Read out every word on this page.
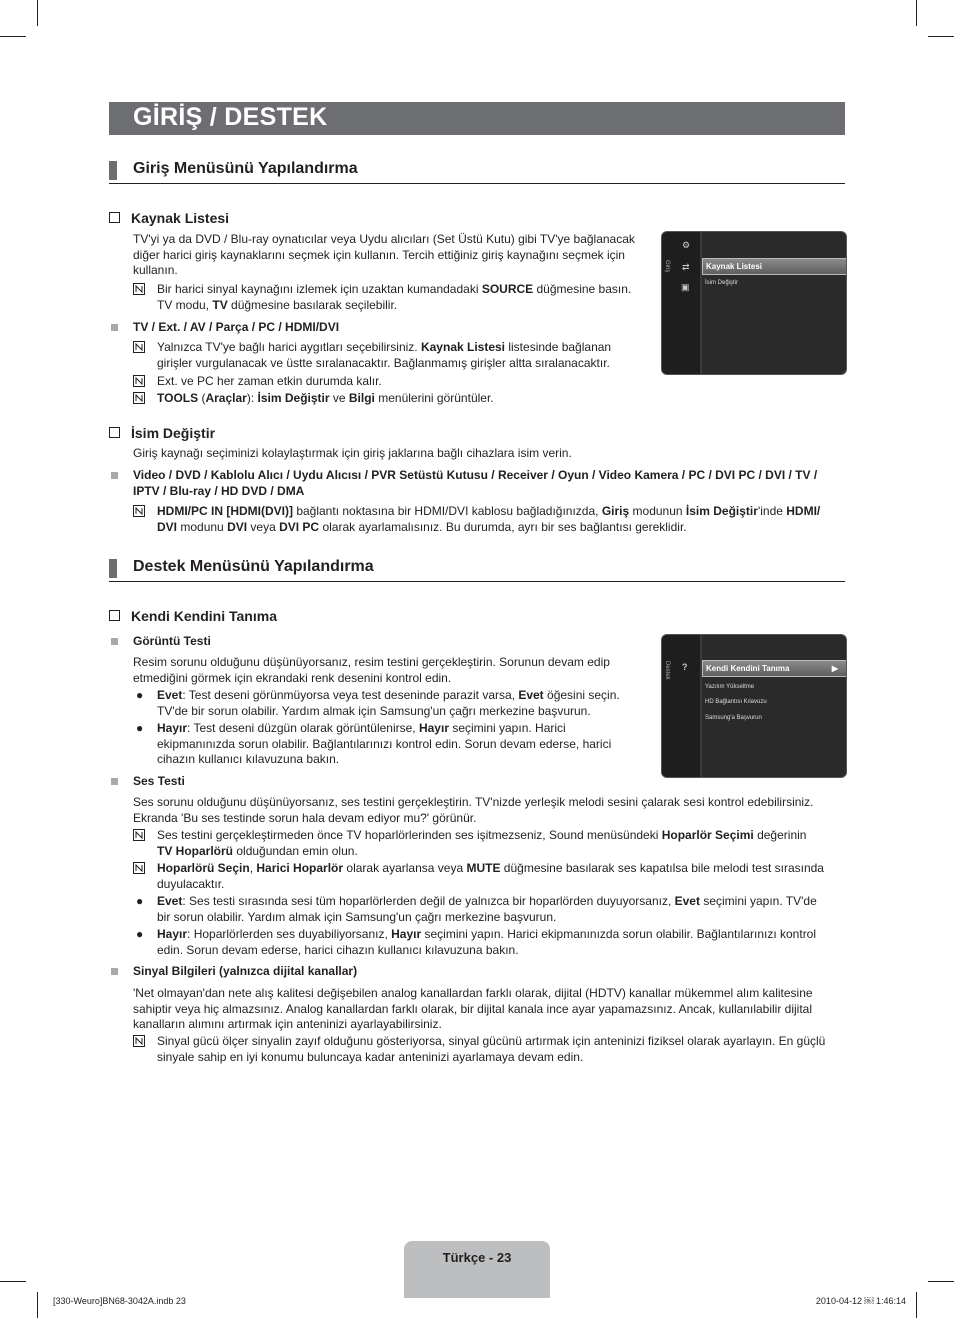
GİRİŞ / DESTEK
Giriş Menüsünü Yapılandırma
Kaynak Listesi
TV'yi ya da DVD / Blu-ray oynatıcılar veya Uydu alıcıları (Set Üstü Kutu) gibi TV'ye bağlanacak
diğer harici giriş kaynaklarını seçmek için kullanın. Tercih ettiğiniz giriş kaynağını seçmek için
kullanın.
Bir harici sinyal kaynağını izlemek için uzaktan kumandadaki SOURCE düğmesine basın.
TV modu, TV düğmesine basılarak seçilebilir.
TV / Ext. / AV / Parça / PC / HDMI/DVI
Yalnızca TV'ye bağlı harici aygıtları seçebilirsiniz. Kaynak Listesi listesinde bağlanan
girişler vurgulanacak ve üstte sıralanacaktır. Bağlanmamış girişler altta sıralanacaktır.
Ext. ve PC her zaman etkin durumda kalır.
TOOLS (Araçlar): İsim Değiştir ve Bilgi menülerini görüntüler.
Giriş
⚙
⇄
▣
Kaynak Listesi
İsim Değiştir
İsim Değiştir
Giriş kaynağı seçiminizi kolaylaştırmak için giriş jaklarına bağlı cihazlara isim verin.
Video / DVD / Kablolu Alıcı / Uydu Alıcısı / PVR Setüstü Kutusu / Receiver / Oyun / Video Kamera / PC / DVI PC / DVI / TV /
IPTV / Blu-ray / HD DVD / DMA
HDMI/PC IN [HDMI(DVI)] bağlantı noktasına bir HDMI/DVI kablosu bağladığınızda, Giriş modunun İsim Değiştir'inde HDMI/
DVI modunu DVI veya DVI PC olarak ayarlamalısınız. Bu durumda, ayrı bir ses bağlantısı gereklidir.
Destek Menüsünü Yapılandırma
Kendi Kendini Tanıma
Görüntü Testi
Resim sorunu olduğunu düşünüyorsanız, resim testini gerçekleştirin. Sorunun devam edip
etmediğini görmek için ekrandaki renk desenini kontrol edin.
● Evet: Test deseni görünmüyorsa veya test deseninde parazit varsa, Evet öğesini seçin.
TV'de bir sorun olabilir. Yardım almak için Samsung'un çağrı merkezine başvurun.
● Hayır: Test deseni düzgün olarak görüntülenirse, Hayır seçimini yapın. Harici
ekipmanınızda sorun olabilir. Bağlantılarınızı kontrol edin. Sorun devam ederse, harici
cihazın kullanıcı kılavuzuna bakın.
Destek ?	Kendi Kendini Tanıma	▶
Yazılım Yükseltme
HD Bağlantısı Kılavuzu
Samsung'a Başvurun
Ses Testi
Ses sorunu olduğunu düşünüyorsanız, ses testini gerçekleştirin. TV'nizde yerleşik melodi sesini çalarak sesi kontrol edebilirsiniz.
Ekranda 'Bu ses testinde sorun hala devam ediyor mu?' görünür.
Ses testini gerçekleştirmeden önce TV hoparlörlerinden ses işitmezseniz, Sound menüsündeki Hoparlör Seçimi değerinin
TV Hoparlörü olduğundan emin olun.
Hoparlörü Seçin, Harici Hoparlör olarak ayarlansa veya MUTE düğmesine basılarak ses kapatılsa bile melodi test sırasında
duyulacaktır.
● Evet: Ses testi sırasında sesi tüm hoparlörlerden değil de yalnızca bir hoparlörden duyuyorsanız, Evet seçimini yapın. TV'de
bir sorun olabilir. Yardım almak için Samsung'un çağrı merkezine başvurun.
● Hayır: Hoparlörlerden ses duyabiliyorsanız, Hayır seçimini yapın. Harici ekipmanınızda sorun olabilir. Bağlantılarınızı kontrol
edin. Sorun devam ederse, harici cihazın kullanıcı kılavuzuna bakın.
Sinyal Bilgileri (yalnızca dijital kanallar)
'Net olmayan'dan nete alış kalitesi değişebilen analog kanallardan farklı olarak, dijital (HDTV) kanallar mükemmel alım kalitesine
sahiptir veya hiç almazsınız. Analog kanallardan farklı olarak, bir dijital kanala ince ayar yapamazsınız. Ancak, kullanılabilir dijital
kanalların alımını artırmak için anteninizi ayarlayabilirsiniz.
Sinyal gücü ölçer sinyalin zayıf olduğunu gösteriyorsa, sinyal gücünü artırmak için anteninizi fiziksel olarak ayarlayın. En güçlü
sinyale sahip en iyi konumu buluncaya kadar anteninizi ayarlamaya devam edin.
Türkçe - 23
[330-Weuro]BN68-3042A.indb 23	2010-04-12 ￼ 1:46:14
